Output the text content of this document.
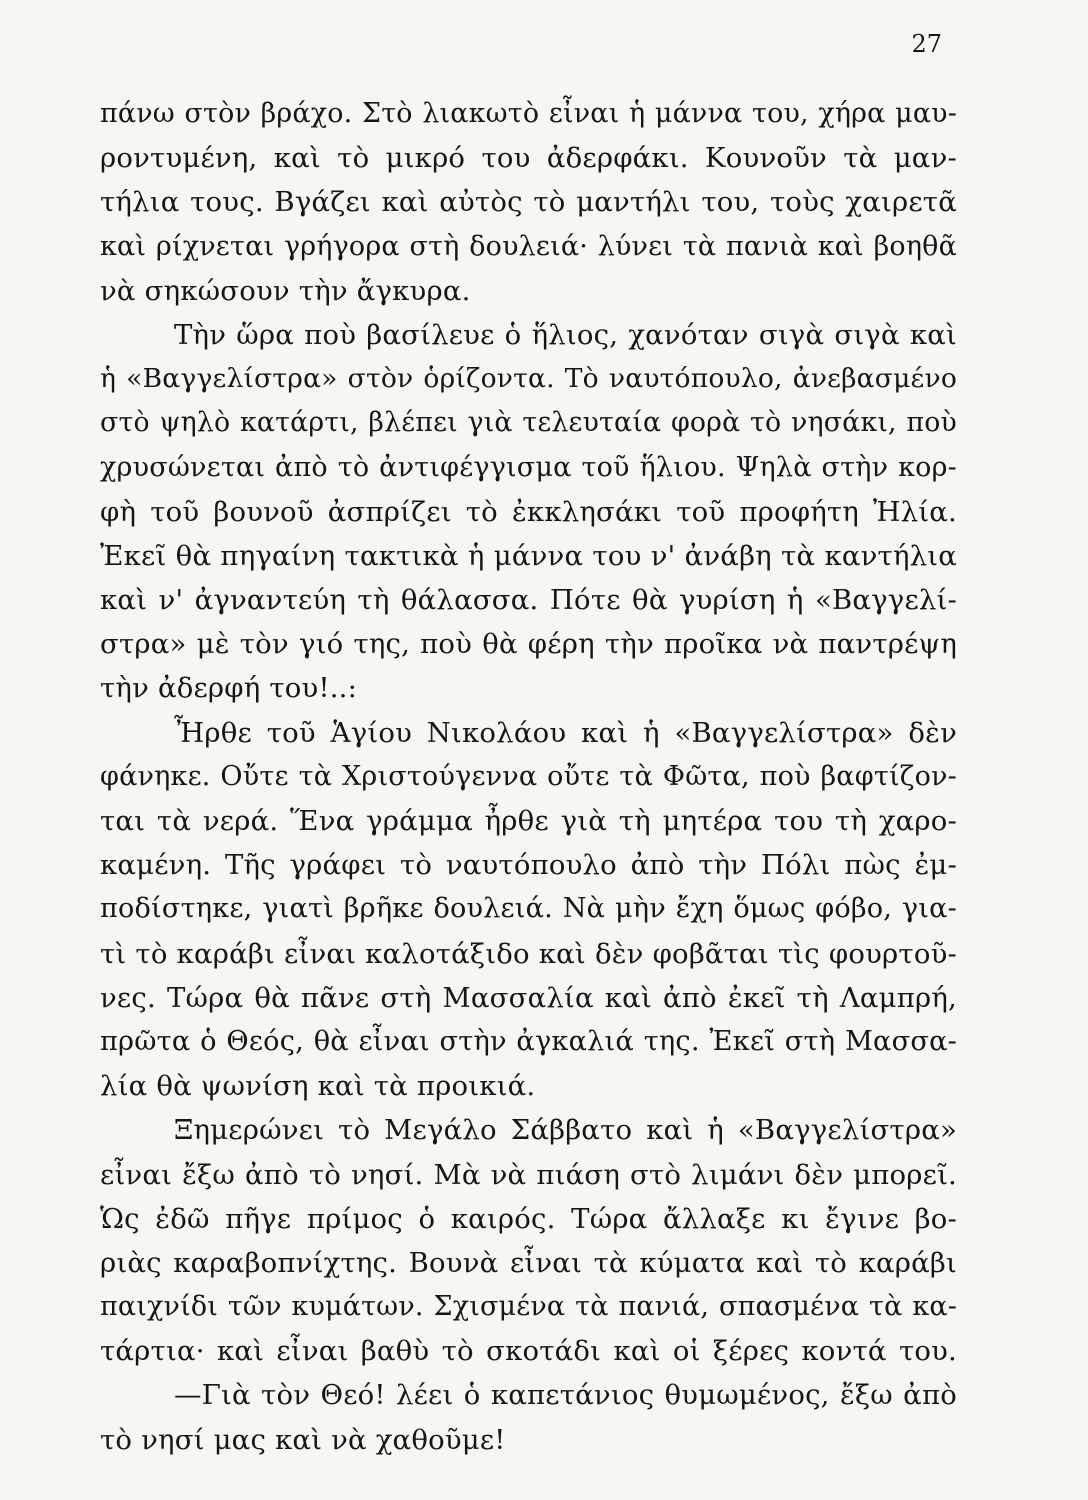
27
πάνω στὸν βράχο. Στὸ λιακωτὸ εἶναι ἡ μάννα του, χήρα μαυ-
ροντυμένη, καὶ τὸ μικρό του ἀδερφάκι. Κουνοῦν τὰ μαν-
τήλια τους. Βγάζει καὶ αὐτὸς τὸ μαντήλι του, τοὺς χαιρετᾶ
καὶ ρίχνεται γρήγορα στὴ δουλειά· λύνει τὰ πανιὰ καὶ βοηθᾶ
νὰ σηκώσουν τὴν ἄγκυρα.
Τὴν ὥρα ποὺ βασίλευε ὁ ἥλιος, χανόταν σιγὰ σιγὰ καὶ
ἡ «Βαγγελίστρα» στὸν ὁρίζοντα. Τὸ ναυτόπουλο, ἀνεβασμένο
στὸ ψηλὸ κατάρτι, βλέπει γιὰ τελευταία φορὰ τὸ νησάκι, ποὺ
χρυσώνεται ἀπὸ τὸ ἀντιφέγγισμα τοῦ ἥλιου. Ψηλὰ στὴν κορ-
φὴ τοῦ βουνοῦ ἀσπρίζει τὸ ἐκκλησάκι τοῦ προφήτη Ἠλία.
Ἐκεῖ θὰ πηγαίνη τακτικὰ ἡ μάννα του ν' ἀνάβη τὰ καντήλια
καὶ ν' ἀγναντεύη τὴ θάλασσα. Πότε θὰ γυρίση ἡ «Βαγγελί-
στρα» μὲ τὸν γιό της, ποὺ θὰ φέρη τὴν προῖκα νὰ παντρέψη
τὴν ἀδερφή του!..:
Ἦρθε τοῦ Ἁγίου Νικολάου καὶ ἡ «Βαγγελίστρα» δὲν
φάνηκε. Οὔτε τὰ Χριστούγεννα οὔτε τὰ Φῶτα, ποὺ βαφτίζον-
ται τὰ νερά. Ἕνα γράμμα ἦρθε γιὰ τὴ μητέρα του τὴ χαρο-
καμένη. Τῆς γράφει τὸ ναυτόπουλο ἀπὸ τὴν Πόλι πὼς ἐμ-
ποδίστηκε, γιατὶ βρῆκε δουλειά. Νὰ μὴν ἔχη ὅμως φόβο, για-
τὶ τὸ καράβι εἶναι καλοτάξιδο καὶ δὲν φοβᾶται τὶς φουρτοῦ-
νες. Τώρα θὰ πᾶνε στὴ Μασσαλία καὶ ἀπὸ ἐκεῖ τὴ Λαμπρή,
πρῶτα ὁ Θεός, θὰ εἶναι στὴν ἀγκαλιά της. Ἐκεῖ στὴ Μασσα-
λία θὰ ψωνίση καὶ τὰ προικιά.
Ξημερώνει τὸ Μεγάλο Σάββατο καὶ ἡ «Βαγγελίστρα»
εἶναι ἔξω ἀπὸ τὸ νησί. Μὰ νὰ πιάση στὸ λιμάνι δὲν μπορεῖ.
Ὡς ἐδῶ πῆγε πρίμος ὁ καιρός. Τώρα ἄλλαξε κι ἔγινε βο-
ριὰς καραβοπνίχτης. Βουνὰ εἶναι τὰ κύματα καὶ τὸ καράβι
παιχνίδι τῶν κυμάτων. Σχισμένα τὰ πανιά, σπασμένα τὰ κα-
τάρτια· καὶ εἶναι βαθὺ τὸ σκοτάδι καὶ οἱ ξέρες κοντά του.
—Γιὰ τὸν Θεό! λέει ὁ καπετάνιος θυμωμένος, ἔξω ἀπὸ
τὸ νησί μας καὶ νὰ χαθοῦμε!
